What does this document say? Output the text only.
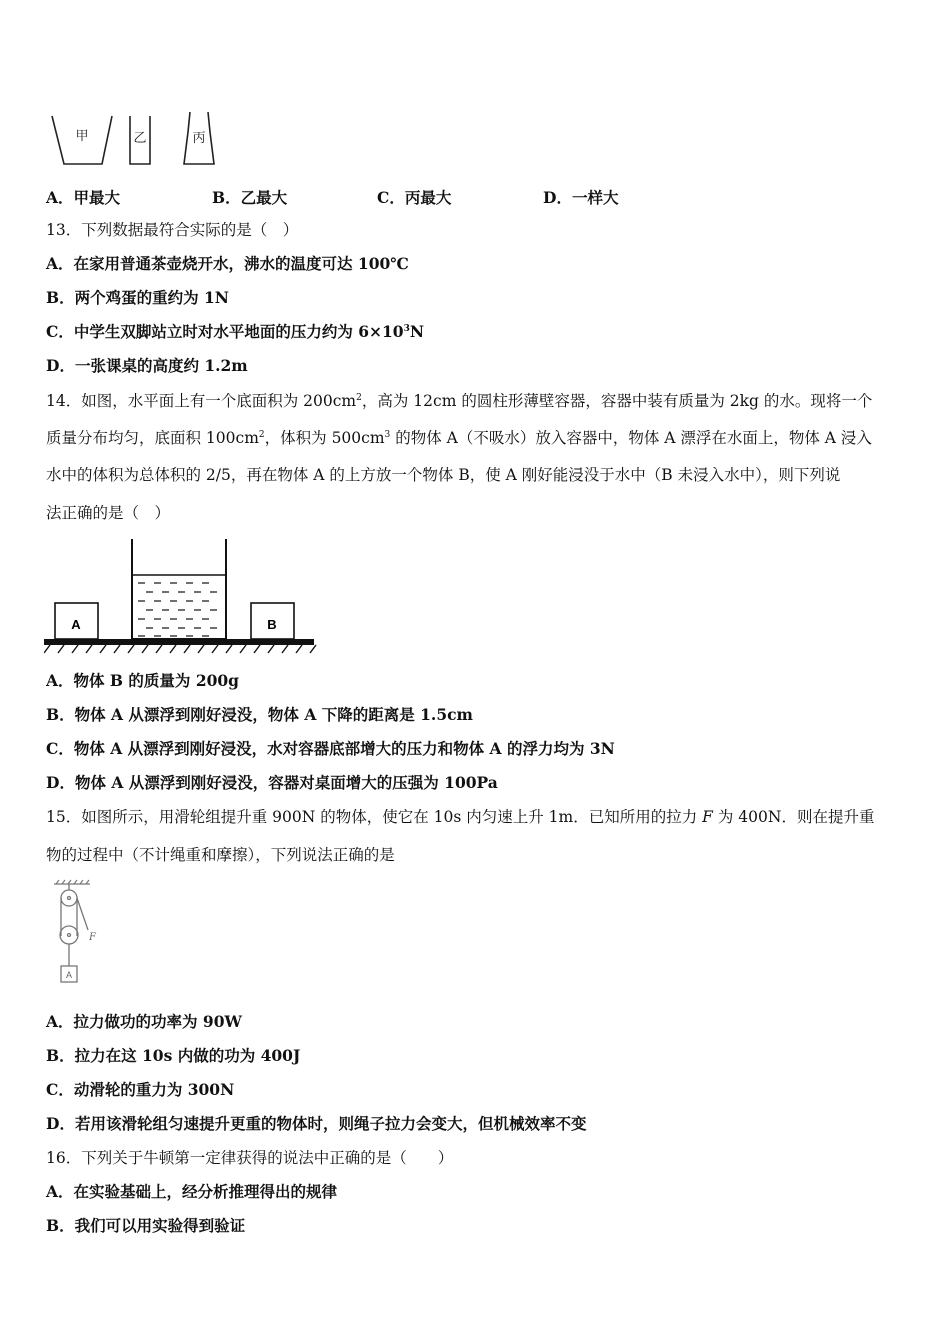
甲	乙	丙
A．甲最大	B．乙最大	C．丙最大	D．一样大
13．下列数据最符合实际的是（　）
A．在家用普通茶壶烧开水，沸水的温度可达 100℃
B．两个鸡蛋的重约为 1N
C．中学生双脚站立时对水平地面的压力约为 $6\times 10^3N$
D．一张课桌的高度约 1.2m
14．如图，水平面上有一个底面积为 $200cm^2$，高为 12cm 的圆柱形薄壁容器，容器中装有质量为 2kg 的水。现将一个
质量分布均匀，底面积 $100cm^2$，体积为 $500cm^3$ 的物体 A（不吸水）放入容器中，物体 A 漂浮在水面上，物体 A 浸入
水中的体积为总体积的 2/5，再在物体 A 的上方放一个物体 B，使 A 刚好能浸没于水中（B 未浸入水中），则下列说
法正确的是（　）
A	B
A．物体 B 的质量为 200g
B．物体 A 从漂浮到刚好浸没，物体 A 下降的距离是 1.5cm
C．物体 A 从漂浮到刚好浸没，水对容器底部增大的压力和物体 A 的浮力均为 3N
D．物体 A 从漂浮到刚好浸没，容器对桌面增大的压强为 100Pa
15．如图所示，用滑轮组提升重 900N 的物体，使它在 10s 内匀速上升 1m．已知所用的拉力 F 为 400N．则在提升重
物的过程中（不计绳重和摩擦），下列说法正确的是
F
A
A．拉力做功的功率为 90W
B．拉力在这 10s 内做的功为 400J
C．动滑轮的重力为 300N
D．若用该滑轮组匀速提升更重的物体时，则绳子拉力会变大，但机械效率不变
16．下列关于牛顿第一定律获得的说法中正确的是（　　）
A．在实验基础上，经分析推理得出的规律
B．我们可以用实验得到验证
